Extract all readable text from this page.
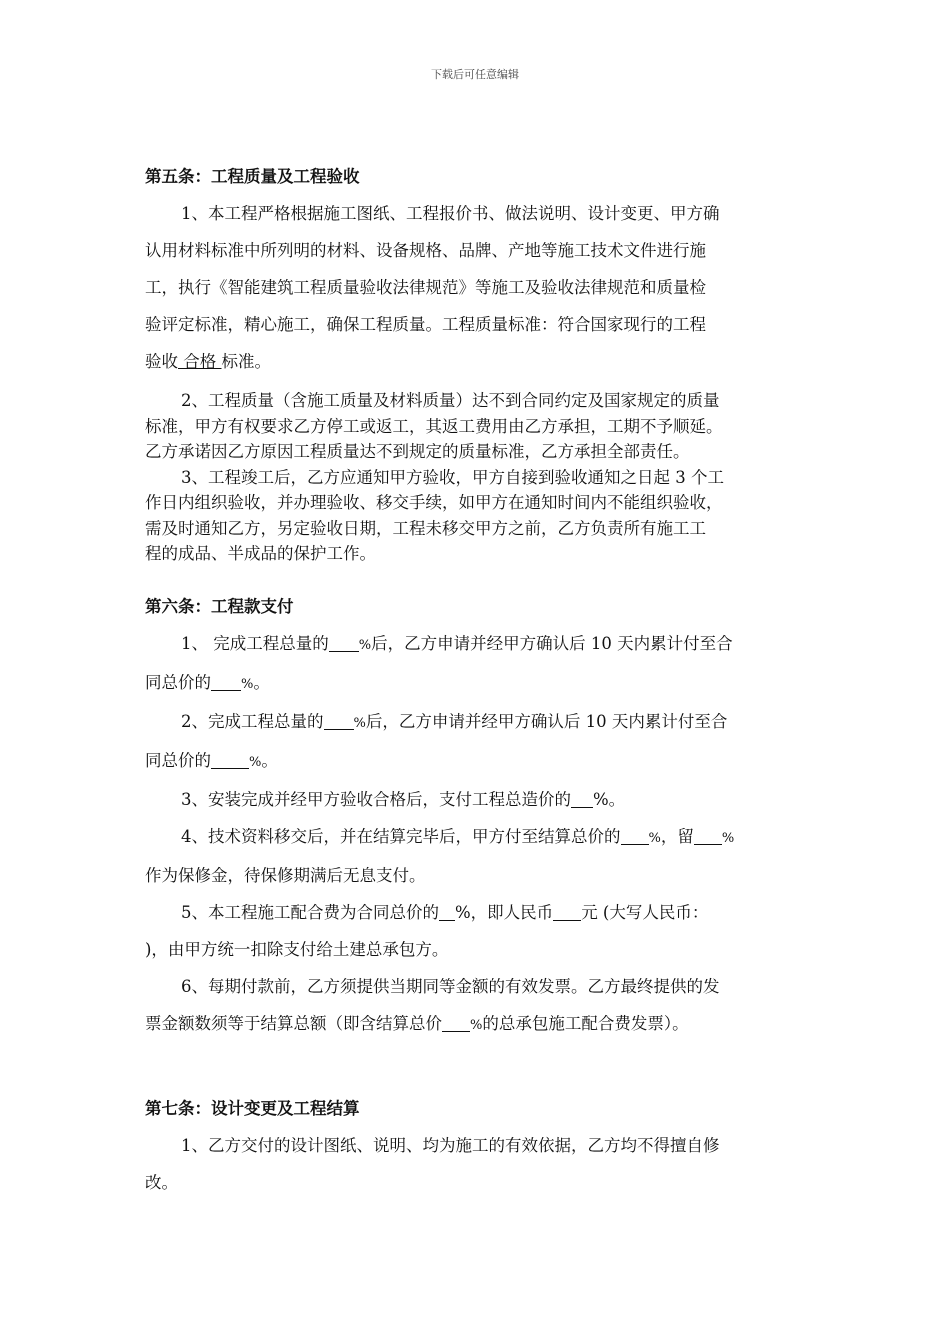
下载后可任意编辑

第五条：工程质量及工程验收

1、本工程严格根据施工图纸、工程报价书、做法说明、设计变更、甲方确
认用材料标准中所列明的材料、设备规格、品牌、产地等施工技术文件进行施
工，执行《智能建筑工程质量验收法律规范》等施工及验收法律规范和质量检
验评定标准，精心施工，确保工程质量。工程质量标准：符合国家现行的工程
验收 合格 标准。

2、工程质量（含施工质量及材料质量）达不到合同约定及国家规定的质量
标准，甲方有权要求乙方停工或返工，其返工费用由乙方承担，工期不予顺延。
乙方承诺因乙方原因工程质量达不到规定的质量标准，乙方承担全部责任。

3、工程竣工后，乙方应通知甲方验收，甲方自接到验收通知之日起 3 个工
作日内组织验收，并办理验收、移交手续，如甲方在通知时间内不能组织验收，
需及时通知乙方，另定验收日期，工程未移交甲方之前，乙方负责所有施工工
程的成品、半成品的保护工作。

第六条：工程款支付

1、 完成工程总量的 %后，乙方申请并经甲方确认后 10 天内累计付至合
同总价的 %。

2、完成工程总量的 %后，乙方申请并经甲方确认后 10 天内累计付至合
同总价的	%。

3、安装完成并经甲方验收合格后，支付工程总造价的 %。

4、技术资料移交后，并在结算完毕后，甲方付至结算总价的 %，留 %
作为保修金，待保修期满后无息支付。

5、本工程施工配合费为合同总价的 %，即人民币 元 (大写人民币：
)，由甲方统一扣除支付给土建总承包方。

6、每期付款前，乙方须提供当期同等金额的有效发票。乙方最终提供的发
票金额数须等于结算总额（即含结算总价 %的总承包施工配合费发票）。

第七条：设计变更及工程结算

1、乙方交付的设计图纸、说明、均为施工的有效依据，乙方均不得擅自修
改。
